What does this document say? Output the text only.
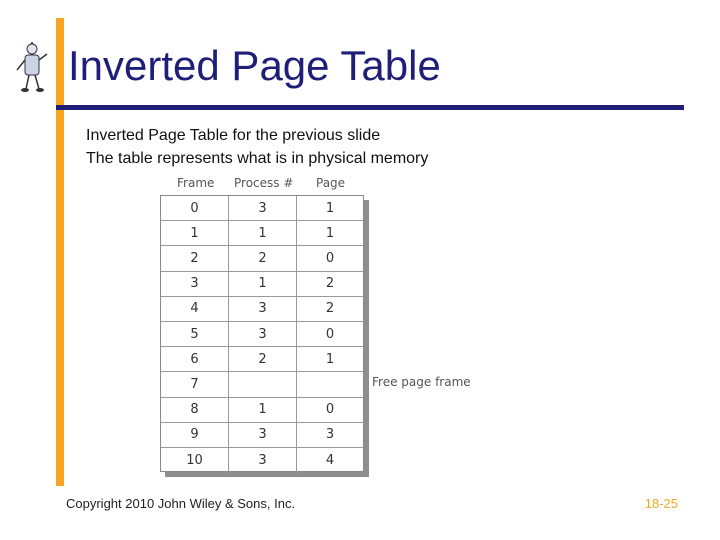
Inverted Page Table
Inverted Page Table for the previous slide
The table represents what is in physical memory
Frame Process # Page
0	3	1
1	1	1
2	2	0
3	1	2
4	3	2
5	3	0
6	2	1
7
8	1	0
9	3	3
10	3	4
Free page frame
Copyright 2010 John Wiley & Sons, Inc.	18-25
